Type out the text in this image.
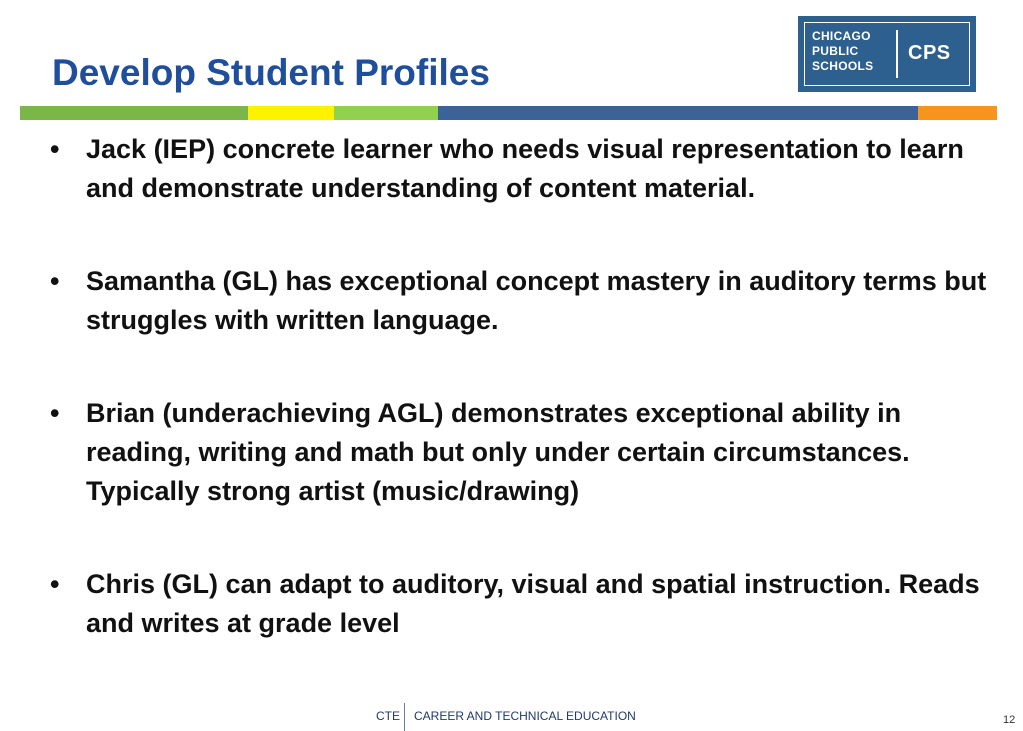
Develop Student Profiles
CHICAGO
PUBLIC
SCHOOLS
CPS
• Jack (IEP) concrete learner who needs visual representation to learn and demonstrate understanding of content material.
• Samantha (GL) has exceptional concept mastery in auditory terms but struggles with written language.
• Brian (underachieving AGL) demonstrates exceptional ability in reading, writing and math but only under certain circumstances. Typically strong artist (music/drawing)
• Chris (GL) can adapt to auditory, visual and spatial instruction. Reads and writes at grade level
CTE CAREER AND TECHNICAL EDUCATION	12
